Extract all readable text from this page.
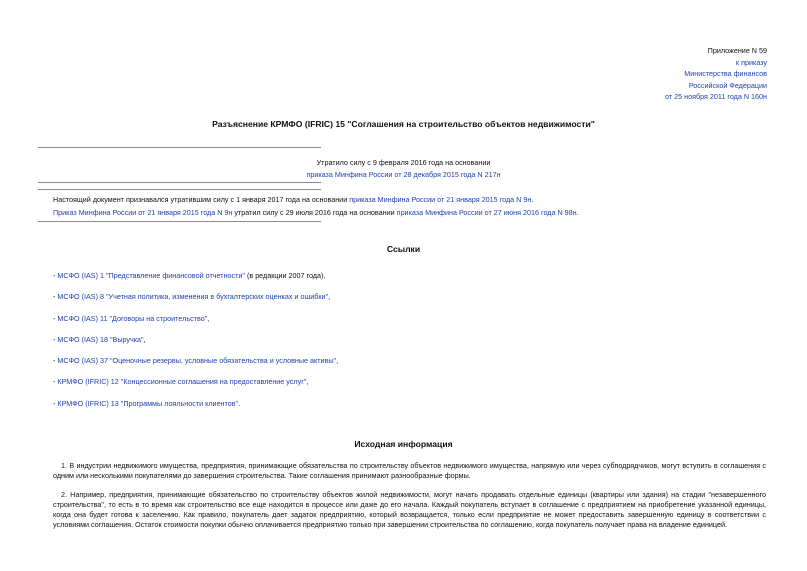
Приложение N 59
к приказу
Министерства финансов
Российской Федерации
от 25 ноября 2011 года N 160н
Разъяснение КРМФО (IFRIC) 15 "Соглашения на строительство объектов недвижимости"
Утратило силу с 9 февраля 2016 года на основании
приказа Минфина России от 28 декабря 2015 года N 217н
Настоящий документ признавался утратившим силу с 1 января 2017 года на основании приказа Минфина России от 21 января 2015 года N 9н.
Приказ Минфина России от 21 января 2015 года N 9н утратил силу с 29 июля 2016 года на основании приказа Минфина России от 27 июня 2016 года N 98н.
Ссылки
- МСФО (IAS) 1 "Представление финансовой отчетности" (в редакции 2007 года),
- МСФО (IAS) 8 "Учетная политика, изменения в бухгалтерских оценках и ошибки",
- МСФО (IAS) 11 "Договоры на строительство",
- МСФО (IAS) 18 "Выручка",
- МСФО (IAS) 37 "Оценочные резервы, условные обязательства и условные активы",
- КРМФО (IFRIC) 12 "Концессионные соглашения на предоставление услуг",
- КРМФО (IFRIC) 13 "Программы лояльности клиентов".
Исходная информация
1. В индустрии недвижимого имущества, предприятия, принимающие обязательства по строительству объектов недвижимого имущества, напрямую или через субподрядчиков, могут вступить в соглашения с одним или несколькими покупателями до завершения строительства. Такие соглашения принимают разнообразные формы.
2. Например, предприятия, принимающие обязательство по строительству объектов жилой недвижимости, могут начать продавать отдельные единицы (квартиры или здания) на стадии "незавершенного строительства", то есть в то время как строительство все еще находится в процессе или даже до его начала. Каждый покупатель вступает в соглашение с предприятием на приобретение указанной единицы, когда она будет готова к заселению. Как правило, покупатель дает задаток предприятию, который возвращается, только если предприятие не может предоставить завершенную единицу в соответствии с условиями соглашения. Остаток стоимости покупки обычно оплачивается предприятию только при завершении строительства по соглашению, когда покупатель получает права на владение единицей.
